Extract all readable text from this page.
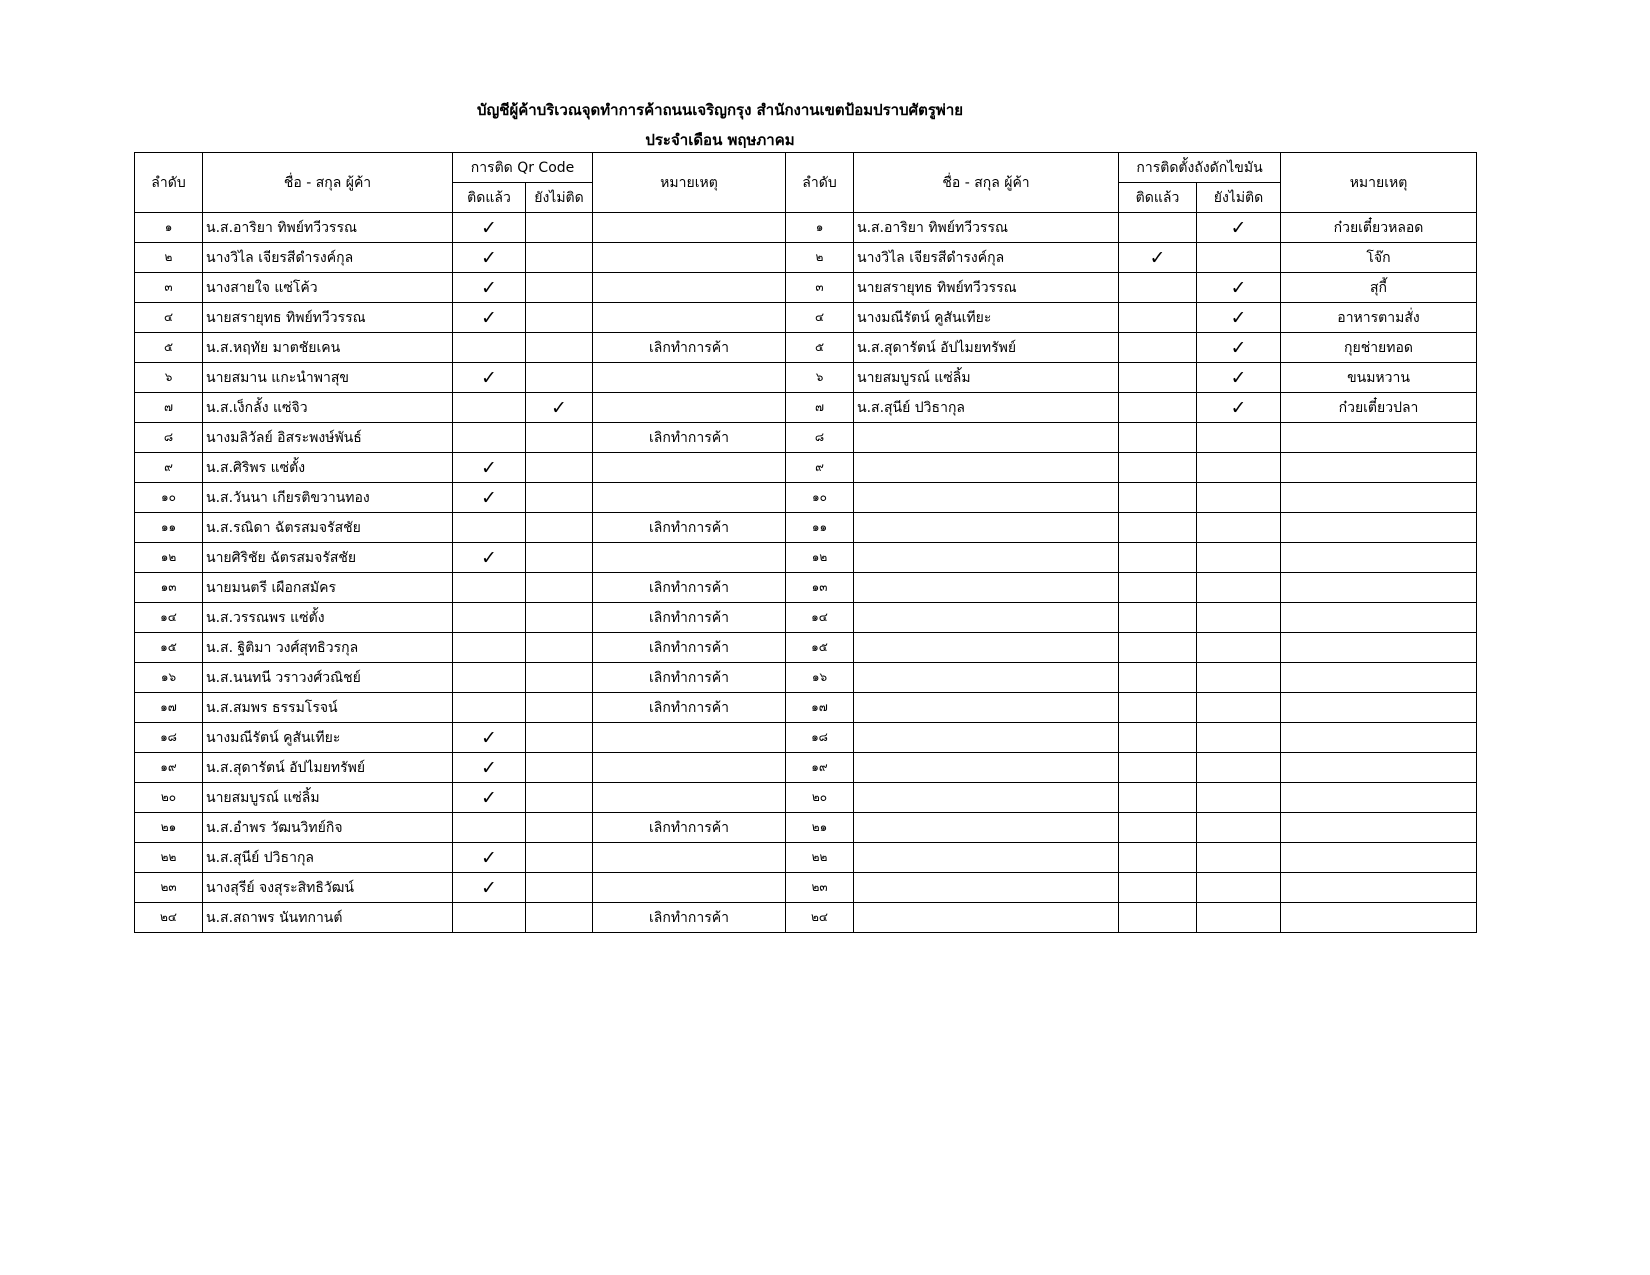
บัญชีผู้ค้าบริเวณจุดทำการค้าถนนเจริญกรุง สำนักงานเขตป้อมปราบศัตรูพ่าย
ประจำเดือน พฤษภาคม
ลำดับ	ชื่อ - สกุล ผู้ค้า	การติด Qr Code		หมายเหตุ	ลำดับ	ชื่อ - สกุล ผู้ค้า	การติดตั้งถังดักไขมัน		หมายเหตุ
		ติดแล้ว	ยังไม่ติด				ติดแล้ว	ยังไม่ติด	
๑	น.ส.อาริยา ทิพย์ทวีวรรณ	✓			๑	น.ส.อาริยา ทิพย์ทวีวรรณ		✓	ก๋วยเตี๋ยวหลอด
๒	นางวิไล เจียรสีดำรงค์กุล	✓			๒	นางวิไล เจียรสีดำรงค์กุล	✓		โจ๊ก
๓	นางสายใจ แซ่โค้ว	✓			๓	นายสรายุทธ ทิพย์ทวีวรรณ		✓	สุกี้
๔	นายสรายุทธ ทิพย์ทวีวรรณ	✓			๔	นางมณีรัตน์ คูสันเทียะ		✓	อาหารตามสั่ง
๕	น.ส.หฤทัย มาตชัยเคน			เลิกทำการค้า	๕	น.ส.สุดารัตน์ อัปไมยทรัพย์		✓	กุยช่ายทอด
๖	นายสมาน แกะนำพาสุข	✓			๖	นายสมบูรณ์ แซ่ลิ้ม		✓	ขนมหวาน
๗	น.ส.เง็กลั้ง แซ่จิว		✓		๗	น.ส.สุนีย์ ปวิธากุล		✓	ก๋วยเตี๋ยวปลา
๘	นางมลิวัลย์ อิสระพงษ์พันธ์			เลิกทำการค้า	๘				
๙	น.ส.ศิริพร แซ่ตั้ง	✓			๙				
๑๐	น.ส.วันนา เกียรติขวานทอง	✓			๑๐				
๑๑	น.ส.รณิดา ฉัตรสมจรัสชัย			เลิกทำการค้า	๑๑				
๑๒	นายศิริชัย ฉัตรสมจรัสชัย	✓			๑๒				
๑๓	นายมนตรี เผือกสมัคร			เลิกทำการค้า	๑๓				
๑๔	น.ส.วรรณพร แซ่ตั้ง			เลิกทำการค้า	๑๔				
๑๕	น.ส. ฐิติมา วงศ์สุทธิวรกุล			เลิกทำการค้า	๑๕				
๑๖	น.ส.นนทนี วราวงศ์วณิชย์			เลิกทำการค้า	๑๖				
๑๗	น.ส.สมพร ธรรมโรจน์			เลิกทำการค้า	๑๗				
๑๘	นางมณีรัตน์ คูสันเทียะ	✓			๑๘				
๑๙	น.ส.สุดารัตน์ อัปไมยทรัพย์	✓			๑๙				
๒๐	นายสมบูรณ์ แซ่ลิ้ม	✓			๒๐				
๒๑	น.ส.อำพร วัฒนวิทย์กิจ			เลิกทำการค้า	๒๑				
๒๒	น.ส.สุนีย์ ปวิธากุล	✓			๒๒				
๒๓	นางสุรีย์ จงสุระสิทธิวัฒน์	✓			๒๓				
๒๔	น.ส.สถาพร นันทกานต์			เลิกทำการค้า	๒๔				
